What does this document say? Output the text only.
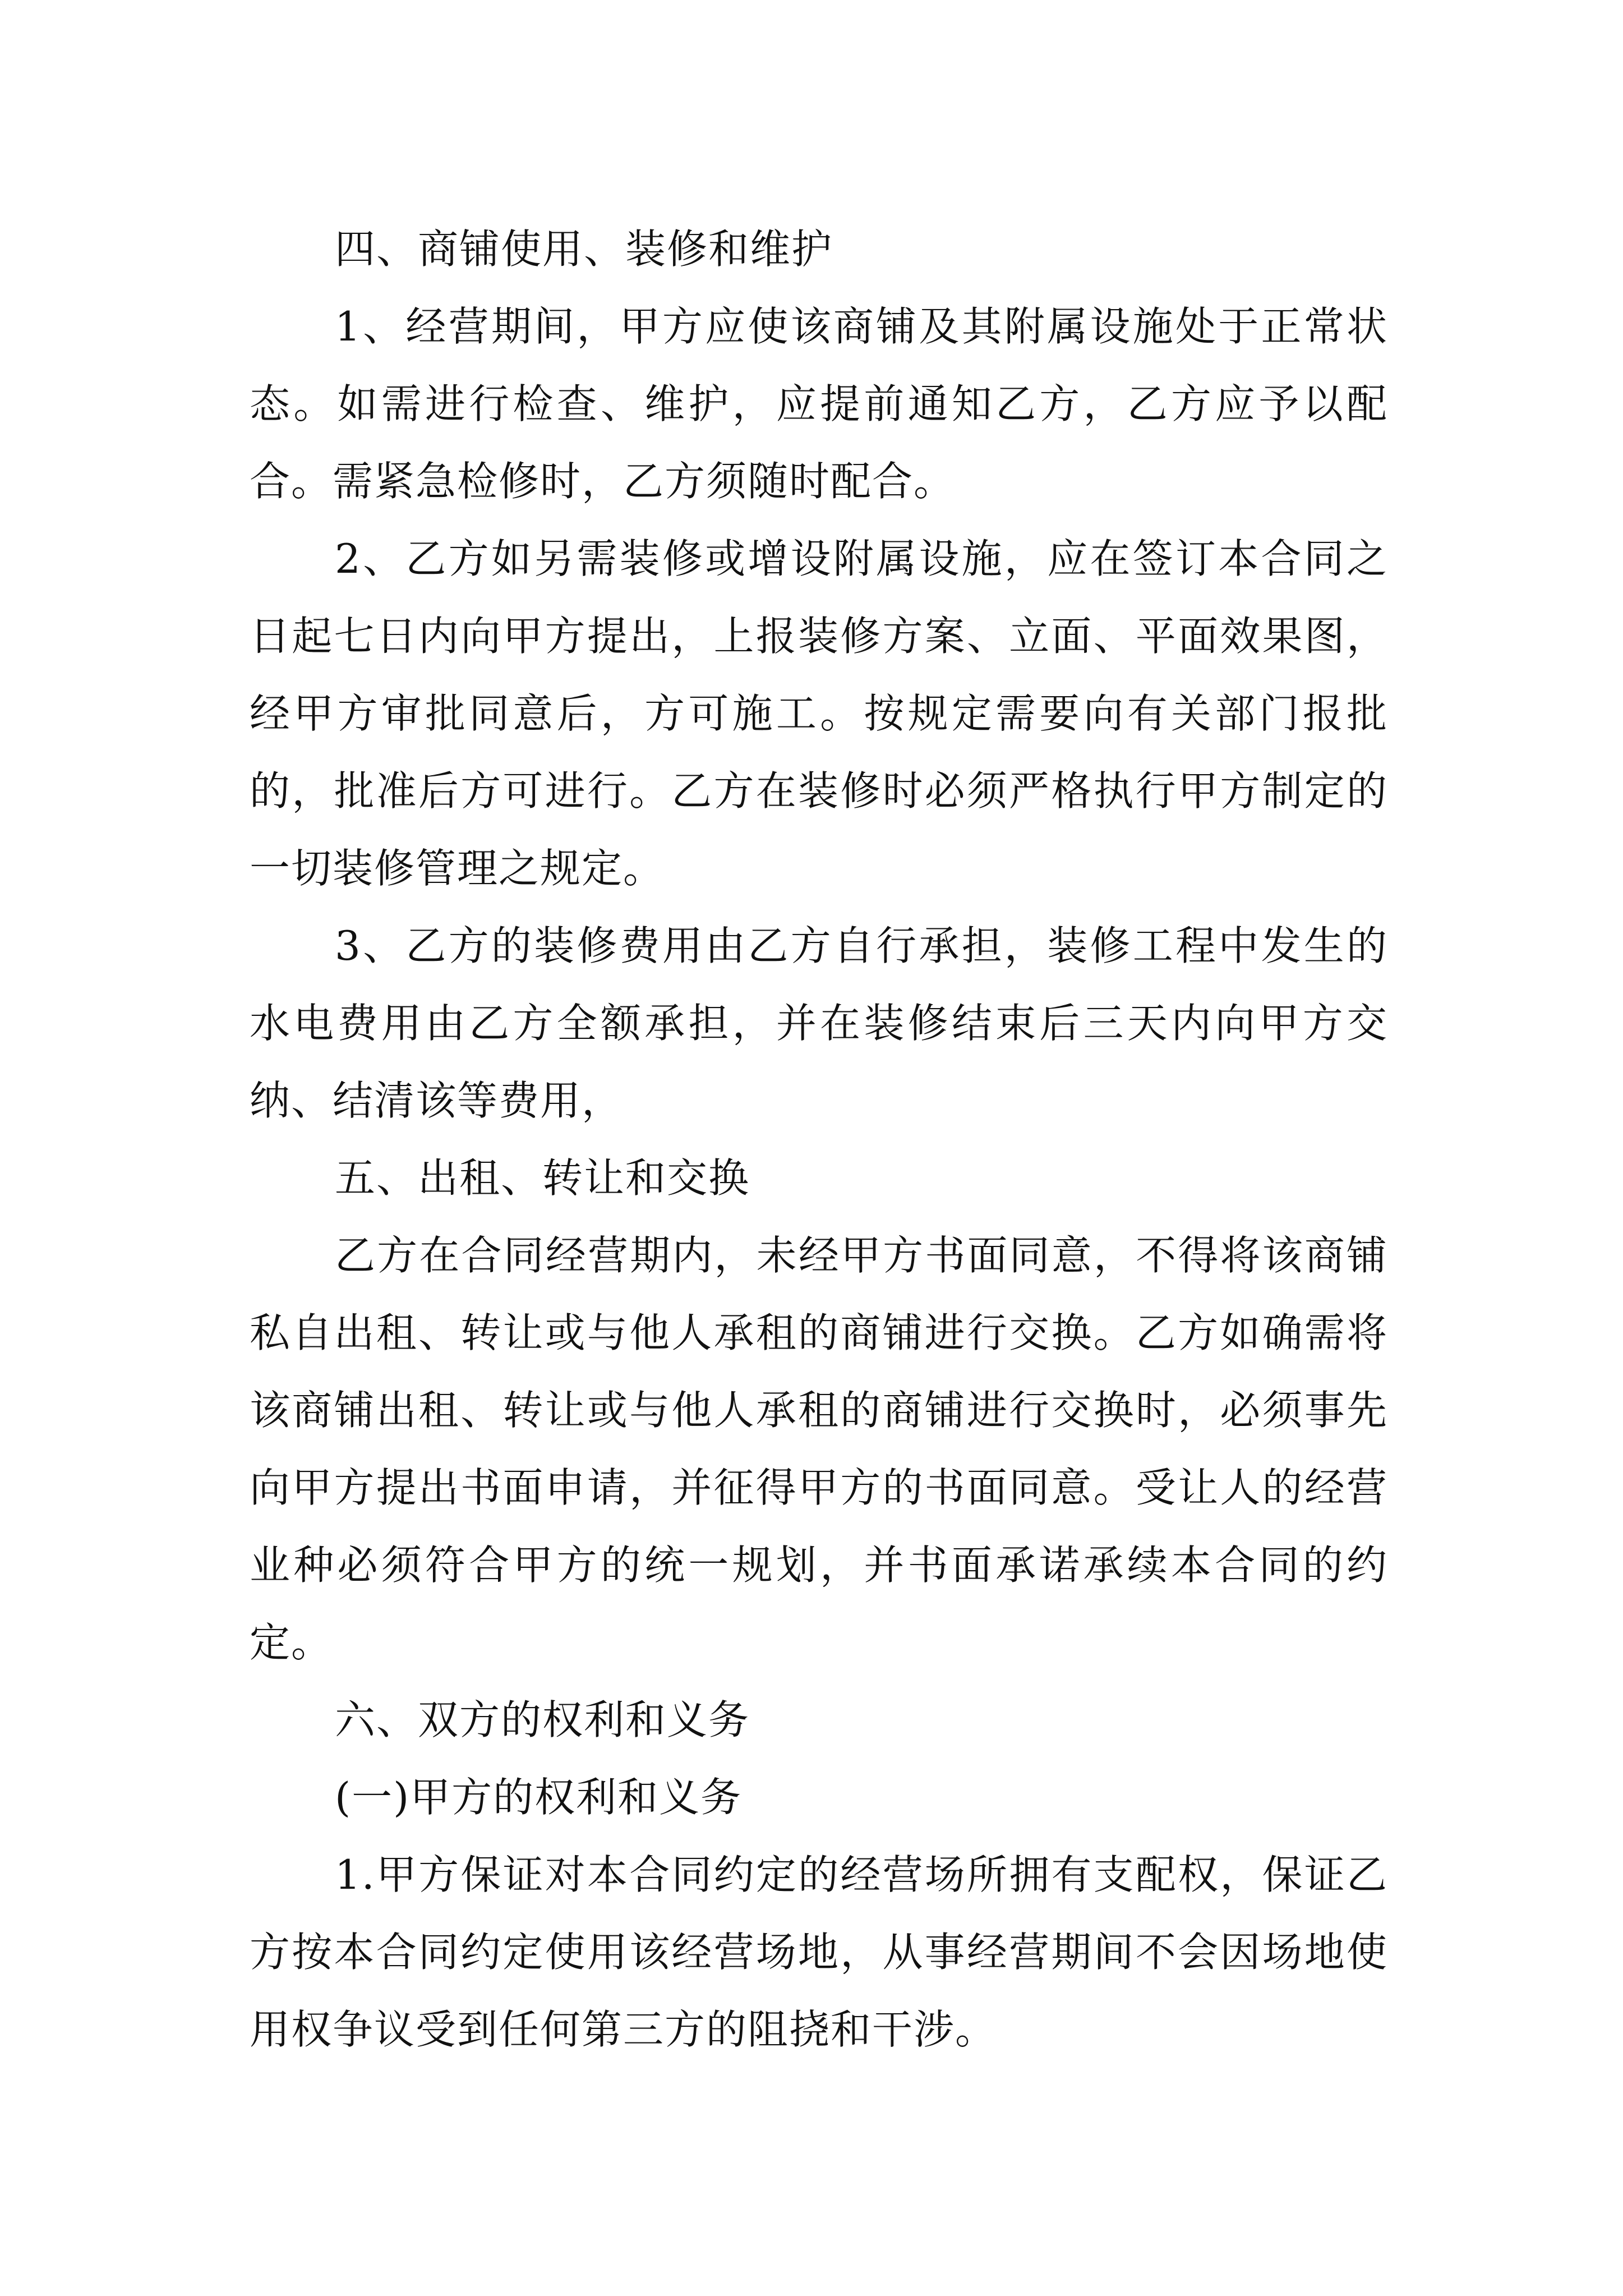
四、商铺使用、装修和维护

1、经营期间，甲方应使该商铺及其附属设施处于正常状态。如需进行检查、维护，应提前通知乙方，乙方应予以配合。需紧急检修时，乙方须随时配合。

2、乙方如另需装修或增设附属设施，应在签订本合同之日起七日内向甲方提出，上报装修方案、立面、平面效果图，经甲方审批同意后，方可施工。按规定需要向有关部门报批的，批准后方可进行。乙方在装修时必须严格执行甲方制定的一切装修管理之规定。

3、乙方的装修费用由乙方自行承担，装修工程中发生的水电费用由乙方全额承担，并在装修结束后三天内向甲方交纳、结清该等费用，

五、出租、转让和交换

乙方在合同经营期内，未经甲方书面同意，不得将该商铺私自出租、转让或与他人承租的商铺进行交换。乙方如确需将该商铺出租、转让或与他人承租的商铺进行交换时，必须事先向甲方提出书面申请，并征得甲方的书面同意。受让人的经营业种必须符合甲方的统一规划，并书面承诺承续本合同的约定。

六、双方的权利和义务

(一)甲方的权利和义务

1.甲方保证对本合同约定的经营场所拥有支配权，保证乙方按本合同约定使用该经营场地，从事经营期间不会因场地使用权争议受到任何第三方的阻挠和干涉。
